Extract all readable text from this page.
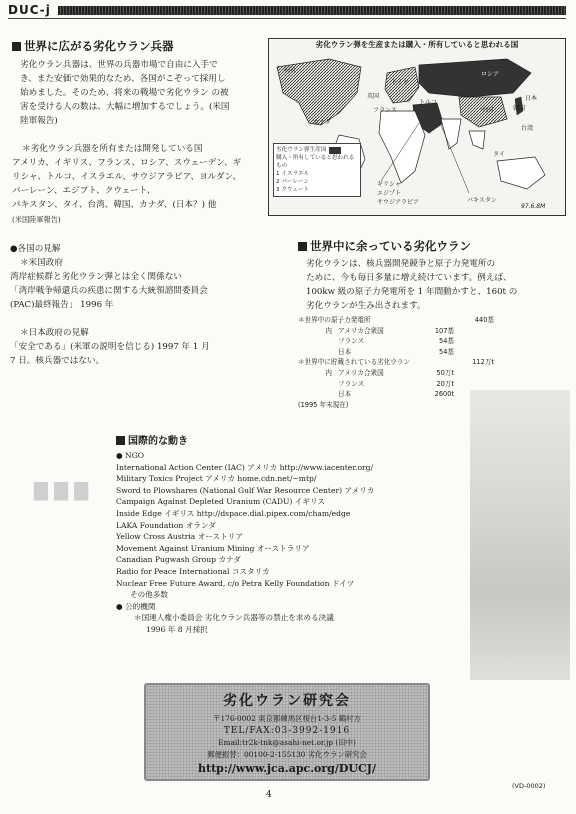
DUC-j
世界に広がる劣化ウラン兵器

劣化ウラン兵器は、世界の兵器市場で自由に入手で

き、また安価で効果的なため、各国がこぞって採用し

始めました。そのため、将来の戦場で劣化ウラン の被

害を受ける人の数は、大幅に増加するでしょう。(米国

陸軍報告)

＊劣化ウラン兵器を所有または開発している国

アメリカ、イギリス、フランス、ロシア、スウェーデン、ギ

リシャ、トルコ、イスラエル、サウジアラビア、ヨルダン、

バーレーン、エジプト、クウェート、

パキスタン、タイ、台湾、韓国、カナダ、(日本？) 他

(米国陸軍報告)
劣化ウラン弾を生産または購入・所有していると思われる国
米国
英国
カナダ
ドイツ
フランス
ロシア
中国	韓国
台湾
トルコ
パキスタン
タイ
ギリシャ
エジプト
サウジアラビア
日本
劣化ウラン弾生産国
購入・所有していると思われるもの
1 イスラエル
2 バーレーン
3 クウェート
97.6.8M

●各国の見解

＊米国政府

湾岸症候群と劣化ウラン弾とは全く関係ない

「湾岸戦争帰還兵の疾患に関する大統領諮問委員会

(PAC)最終報告」 1996 年

＊日本政府の見解

「安全である」(米軍の説明を信じる) 1997 年 1 月

7 日。核兵器ではない。

世界中に余っている劣化ウラン

劣化ウランは、核兵器開発競争と原子力発電所の

ために、今も毎日多量に増え続けています。例えば、

100kw 級の原子力発電所を 1 年間動かすと、160t の

劣化ウランが生み出されます。

＊世界中の原子力発電所	440基
内 アメリカ合衆国	107基
フランス	54基
日本	54基
＊世界中に貯蔵されている劣化ウラン	112万t
内 アメリカ合衆国	50万t
フランス	20万t
日本	2600t
(1995 年末現在)
▇ ▇ ▇
国際的な動き

● NGO

International Action Center (IAC) アメリカ http://www.iacenter.org/

Military Toxics Project アメリカ home.cdn.net/~mtp/

Sword to Plowshares (National Gulf War Resource Center) アメリカ

Campaign Against Depleted Uranium (CADU) イギリス

Inside Edge イギリス http://dspace.dial.pipex.com/cham/edge

LAKA Foundation オランダ

Yellow Cross Austria オーストリア

Movement Against Uranium Mining オーストラリア

Canadian Pugwash Group カナダ

Radio for Peace International コスタリカ

Nuclear Free Future Award, c/o Petra Kelly Foundation ドイツ

その他多数

● 公的機関

＊国連人権小委員会 劣化ウラン兵器等の禁止を求める決議

1996 年 8 月採択

劣化ウラン研究会
〒176-0002 東京都練馬区桜台1-3-5 鶴村方
TEL/FAX:03-3992-1916
Email:tr2k-tnk@asahi-net.or.jp (田中)
郵便振替：00100-2-155130 劣化ウラン研究会
http://www.jca.apc.org/DUCJ/
4
(VD-0002)
